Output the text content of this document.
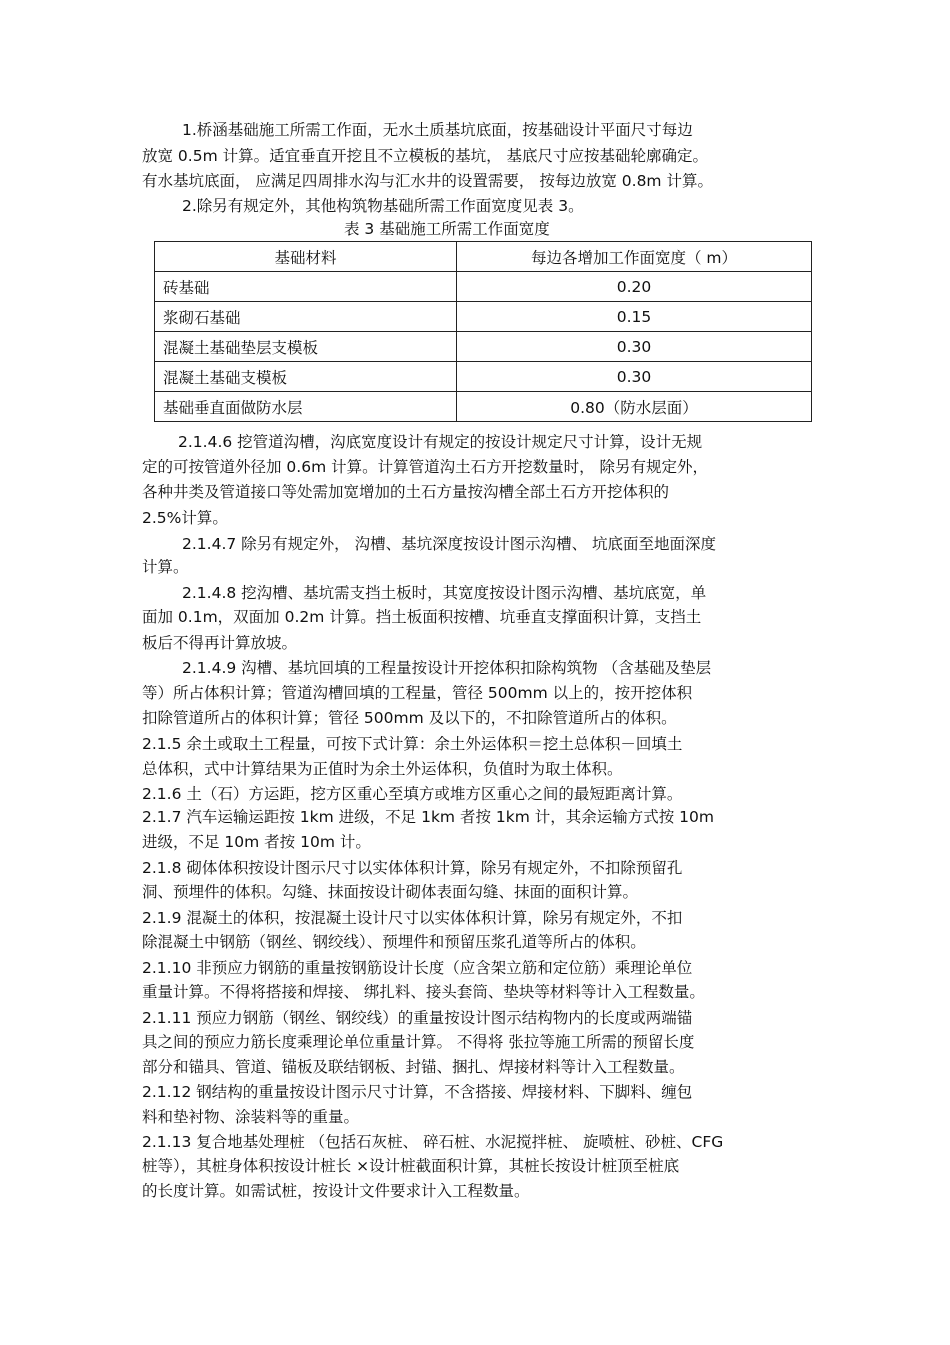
1.桥涵基础施工所需工作面，无水土质基坑底面，按基础设计平面尺寸每边
放宽 0.5m 计算。适宜垂直开挖且不立模板的基坑， 基底尺寸应按基础轮廓确定。
有水基坑底面， 应满足四周排水沟与汇水井的设置需要， 按每边放宽 0.8m 计算。
2.除另有规定外，其他构筑物基础所需工作面宽度见表 3。
表 3 基础施工所需工作面宽度
基础材料	每边各增加工作面宽度（ m）
砖基础	0.20
浆砌石基础	0.15
混凝土基础垫层支模板	0.30
混凝土基础支模板	0.30
基础垂直面做防水层	0.80（防水层面）
2.1.4.6 挖管道沟槽，沟底宽度设计有规定的按设计规定尺寸计算，设计无规
定的可按管道外径加 0.6m 计算。计算管道沟土石方开挖数量时， 除另有规定外，
各种井类及管道接口等处需加宽增加的土石方量按沟槽全部土石方开挖体积的
2.5%计算。
2.1.4.7 除另有规定外， 沟槽、基坑深度按设计图示沟槽、 坑底面至地面深度
计算。
2.1.4.8 挖沟槽、基坑需支挡土板时，其宽度按设计图示沟槽、基坑底宽，单
面加 0.1m，双面加 0.2m 计算。挡土板面积按槽、坑垂直支撑面积计算，支挡土
板后不得再计算放坡。
2.1.4.9 沟槽、基坑回填的工程量按设计开挖体积扣除构筑物 （含基础及垫层
等）所占体积计算；管道沟槽回填的工程量，管径 500mm 以上的，按开挖体积
扣除管道所占的体积计算；管径 500mm 及以下的，不扣除管道所占的体积。
2.1.5 余土或取土工程量，可按下式计算：余土外运体积＝挖土总体积－回填土
总体积，式中计算结果为正值时为余土外运体积，负值时为取土体积。
2.1.6 土（石）方运距，挖方区重心至填方或堆方区重心之间的最短距离计算。
2.1.7 汽车运输运距按 1km 进级，不足 1km 者按 1km 计，其余运输方式按 10m
进级，不足 10m 者按 10m 计。
2.1.8 砌体体积按设计图示尺寸以实体体积计算，除另有规定外，不扣除预留孔
洞、预埋件的体积。勾缝、抹面按设计砌体表面勾缝、抹面的面积计算。
2.1.9 混凝土的体积，按混凝土设计尺寸以实体体积计算，除另有规定外，不扣
除混凝土中钢筋（钢丝、钢绞线）、预埋件和预留压浆孔道等所占的体积。
2.1.10 非预应力钢筋的重量按钢筋设计长度（应含架立筋和定位筋）乘理论单位
重量计算。不得将搭接和焊接、 绑扎料、接头套筒、垫块等材料等计入工程数量。
2.1.11 预应力钢筋（钢丝、钢绞线）的重量按设计图示结构物内的长度或两端锚
具之间的预应力筋长度乘理论单位重量计算。 不得将 张拉等施工所需的预留长度
部分和锚具、管道、锚板及联结钢板、封锚、捆扎、焊接材料等计入工程数量。
2.1.12 钢结构的重量按设计图示尺寸计算，不含搭接、焊接材料、下脚料、缠包
料和垫衬物、涂装料等的重量。
2.1.13 复合地基处理桩 （包括石灰桩、 碎石桩、水泥搅拌桩、 旋喷桩、砂桩、CFG
桩等），其桩身体积按设计桩长 ×设计桩截面积计算，其桩长按设计桩顶至桩底
的长度计算。如需试桩，按设计文件要求计入工程数量。
